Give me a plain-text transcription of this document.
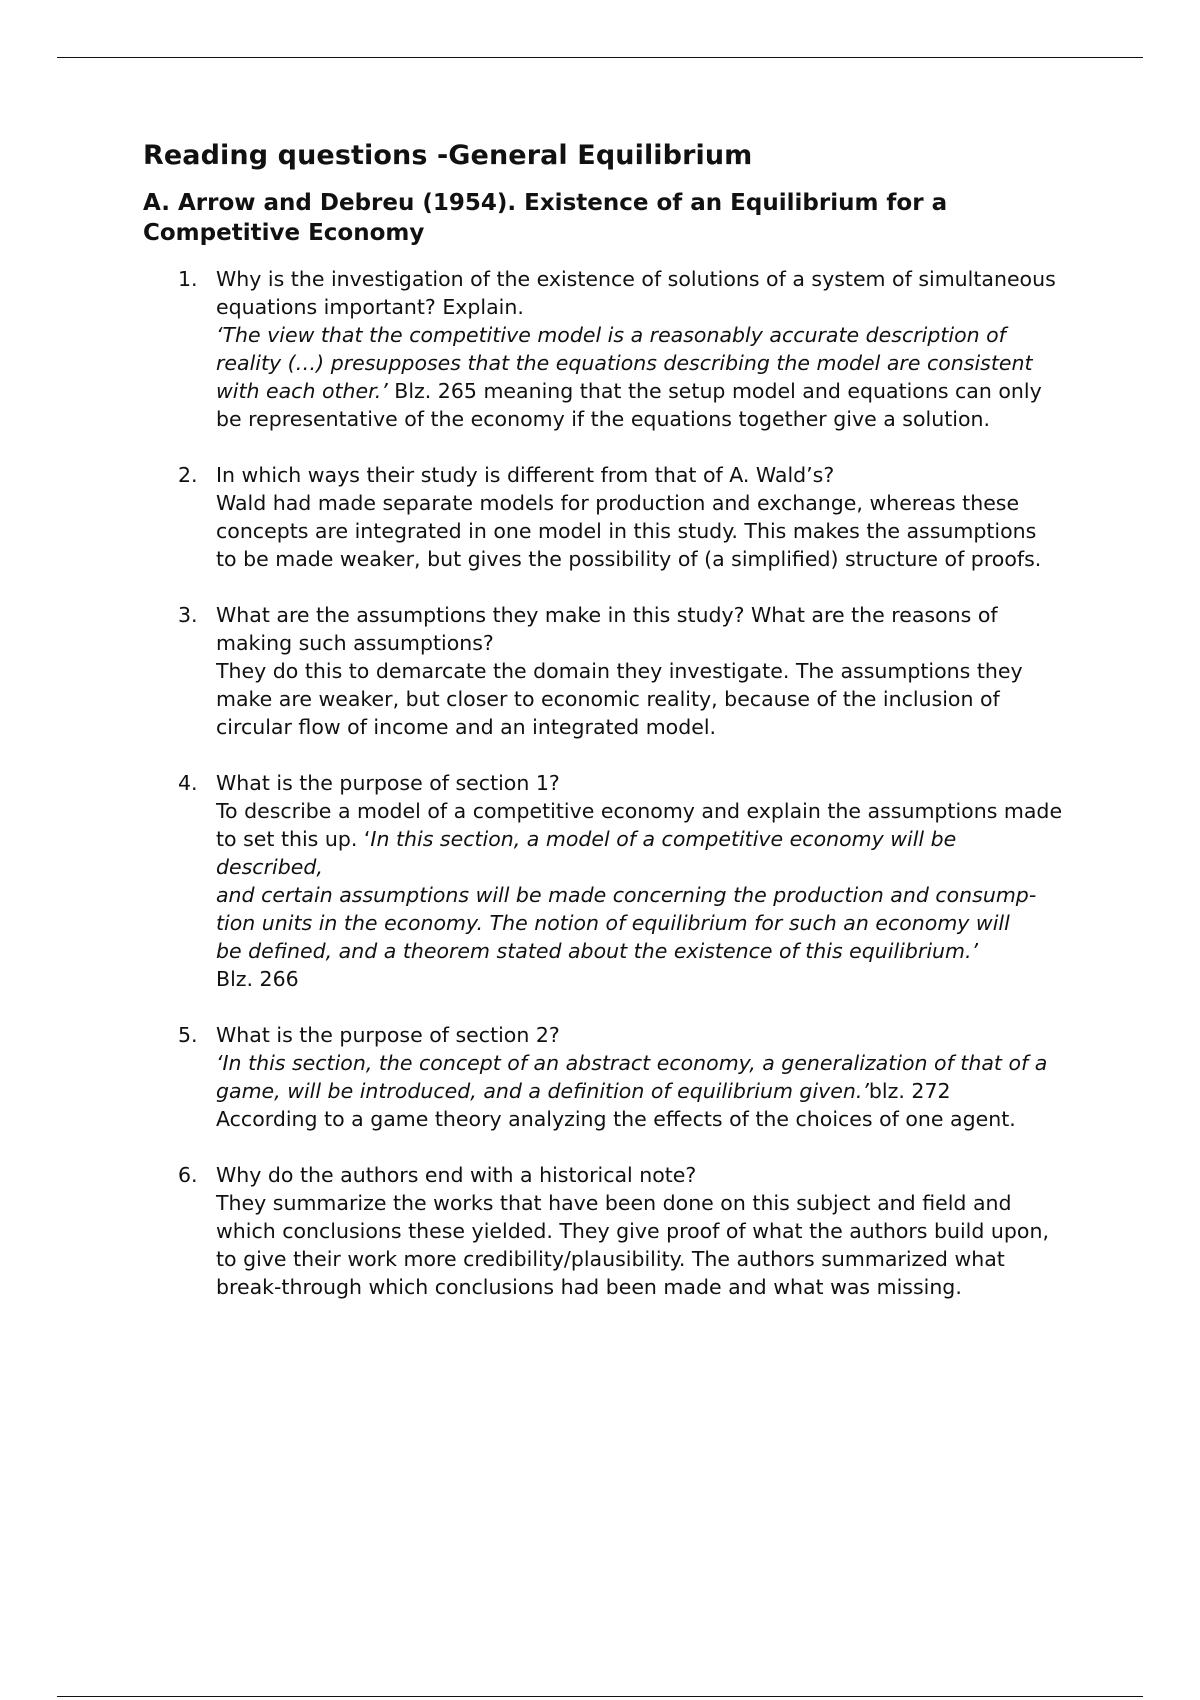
Reading questions -General Equilibrium
A. Arrow and Debreu (1954). Existence of an Equilibrium for a Competitive Economy
1. Why is the investigation of the existence of solutions of a system of simultaneous equations important? Explain.

‘The view that the competitive model is a reasonably accurate description of reality (…) presupposes that the equations describing the model are consistent with each other.’ Blz. 265 meaning that the setup model and equations can only be representative of the economy if the equations together give a solution.

2. In which ways their study is different from that of A. Wald’s?

Wald had made separate models for production and exchange, whereas these concepts are integrated in one model in this study. This makes the assumptions to be made weaker, but gives the possibility of (a simplified) structure of proofs.

3. What are the assumptions they make in this study? What are the reasons of making such assumptions?

They do this to demarcate the domain they investigate. The assumptions they make are weaker, but closer to economic reality, because of the inclusion of circular flow of income and an integrated model.

4. What is the purpose of section 1?

To describe a model of a competitive economy and explain the assumptions made to set this up. ‘In this section, a model of a competitive economy will be described,
and certain assumptions will be made concerning the production and consump-
tion units in the economy. The notion of equilibrium for such an economy will
be defined, and a theorem stated about the existence of this equilibrium.’
Blz. 266

5. What is the purpose of section 2?

‘In this section, the concept of an abstract economy, a generalization of that of a game, will be introduced, and a definition of equilibrium given.’blz. 272

According to a game theory analyzing the effects of the choices of one agent.

6. Why do the authors end with a historical note?

They summarize the works that have been done on this subject and field and which conclusions these yielded. They give proof of what the authors build upon, to give their work more credibility/plausibility. The authors summarized what break-through which conclusions had been made and what was missing.
